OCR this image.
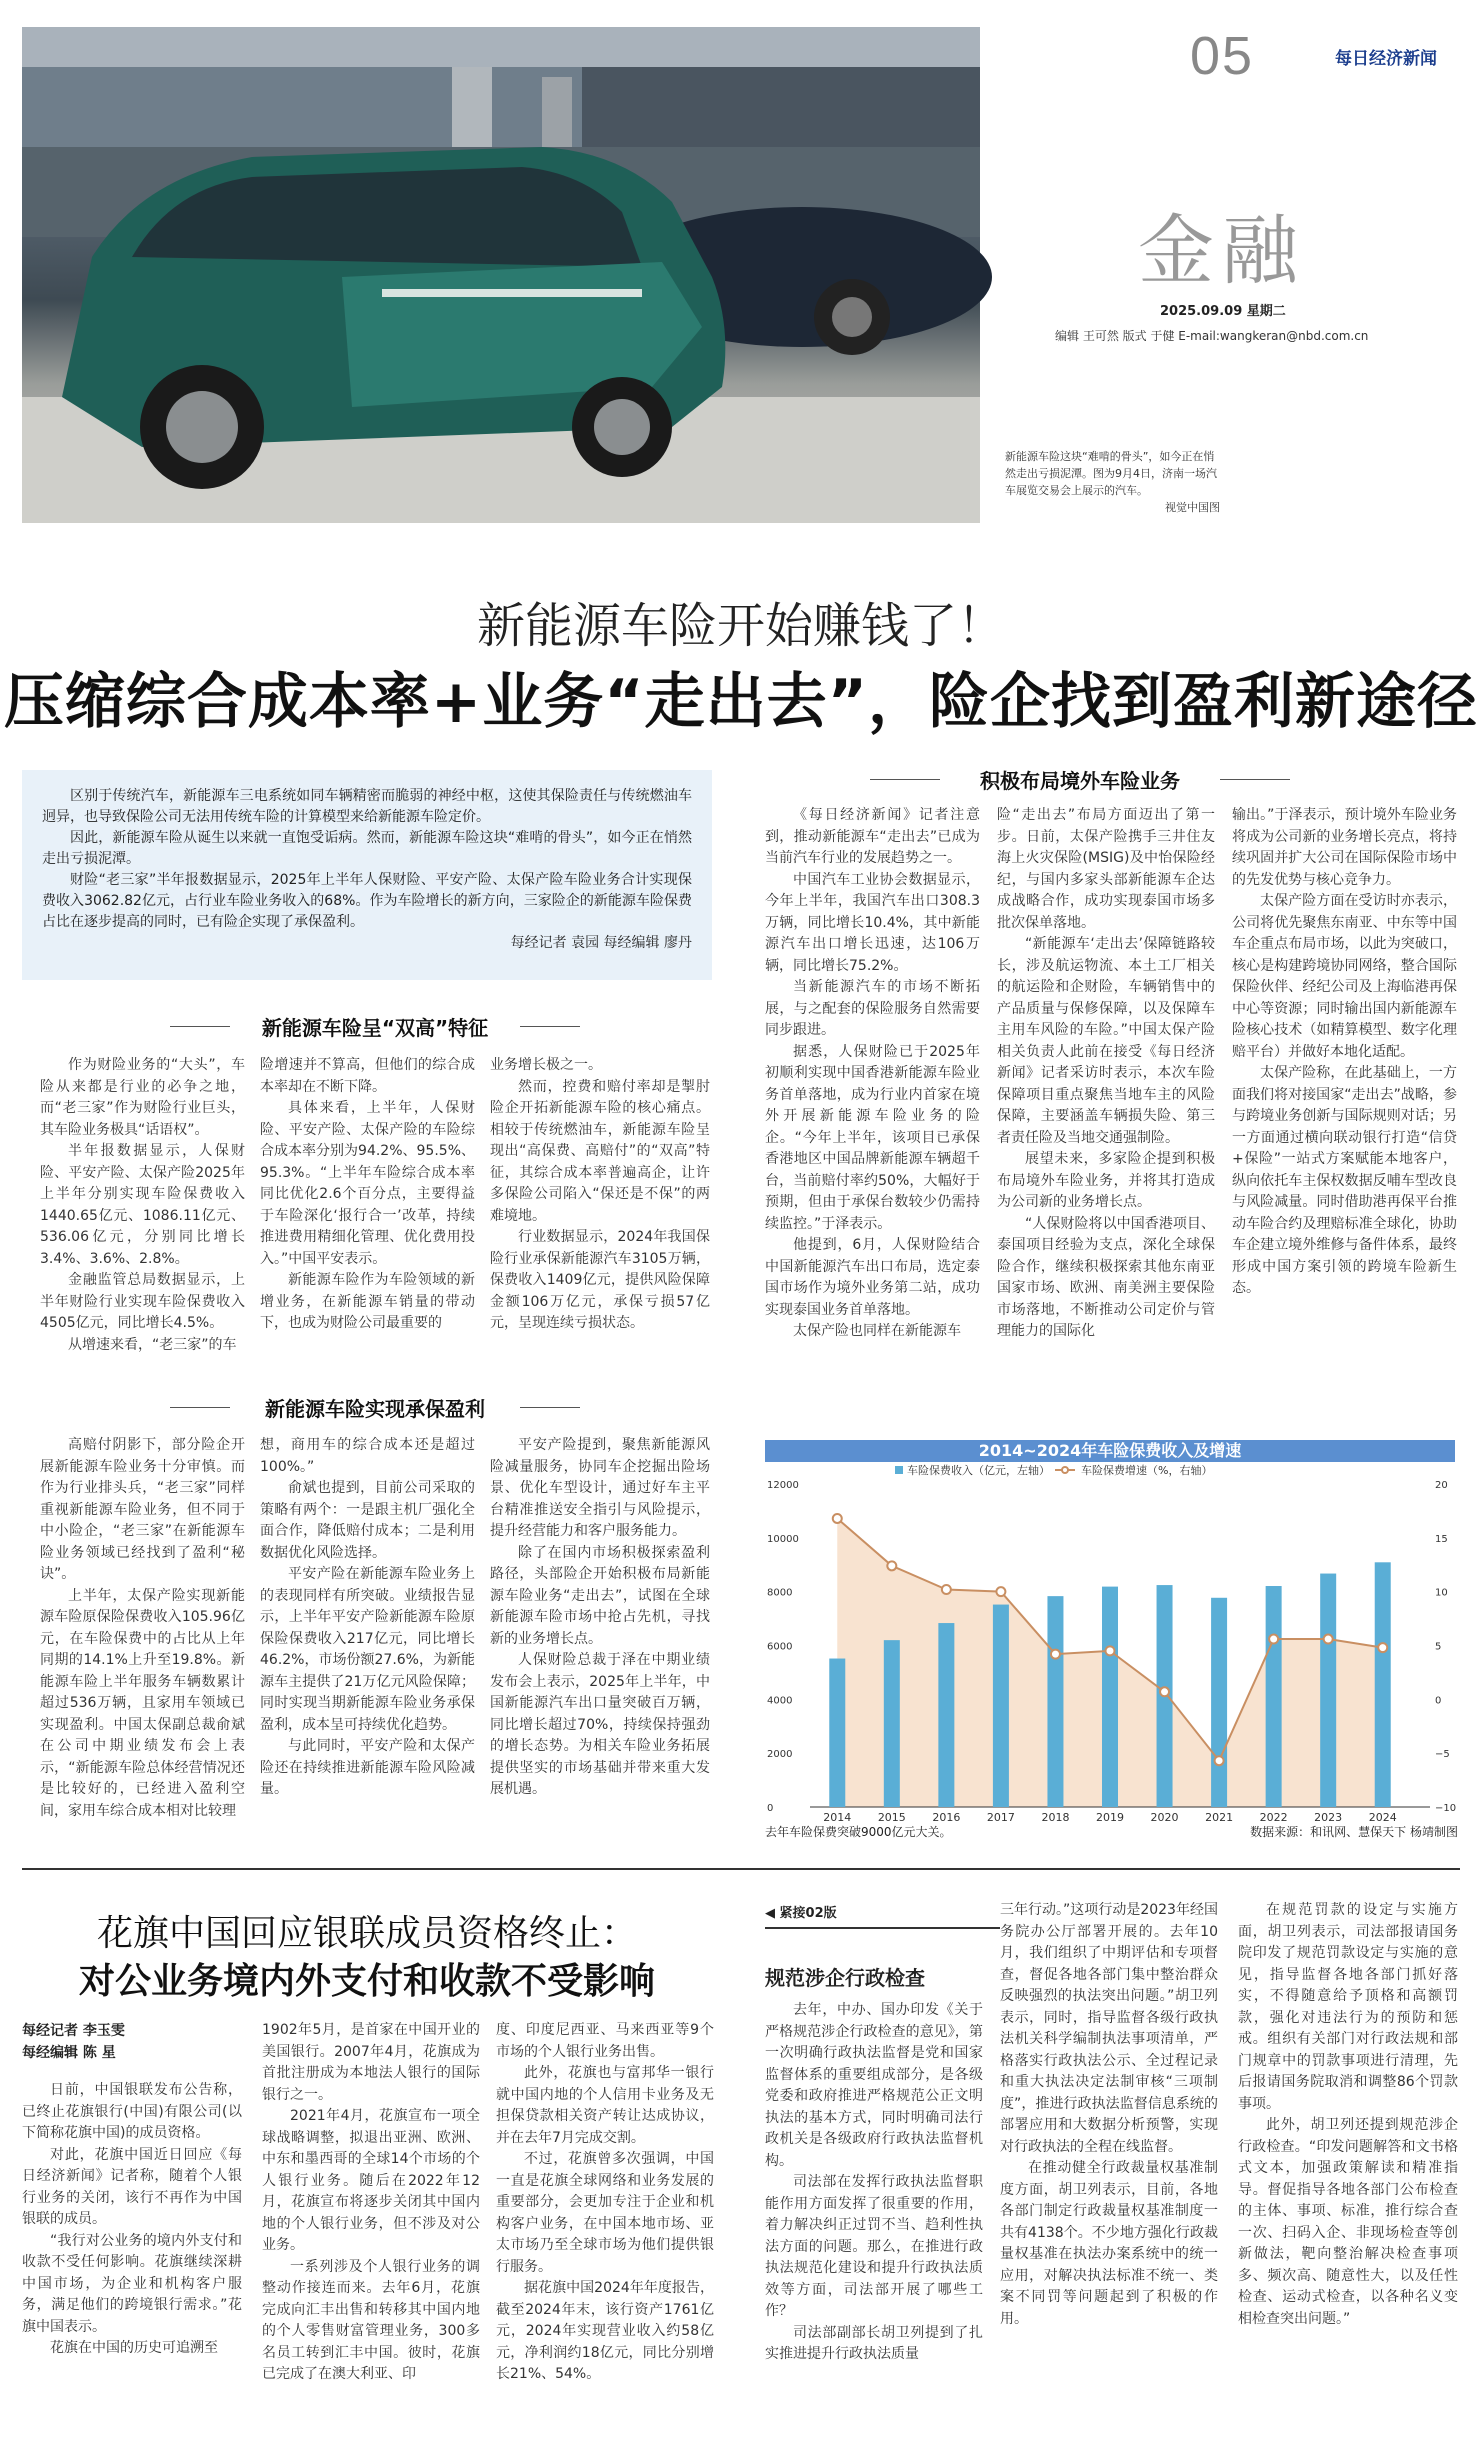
05	每日经济新闻
金融
2025.09.09 星期二
编辑 王可然 版式 于健 E-mail:wangkeran@nbd.com.cn
新能源车险这块“难啃的骨头”，如今正在悄然走出亏损泥潭。图为9月4日，济南一场汽车展览交易会上展示的汽车。
视觉中国图
新能源车险开始赚钱了！
压缩综合成本率+业务“走出去”，险企找到盈利新途径

区别于传统汽车，新能源车三电系统如同车辆精密而脆弱的神经中枢，这使其保险责任与传统燃油车迥异，也导致保险公司无法用传统车险的计算模型来给新能源车险定价。

因此，新能源车险从诞生以来就一直饱受诟病。然而，新能源车险这块“难啃的骨头”，如今正在悄然走出亏损泥潭。

财险“老三家”半年报数据显示，2025年上半年人保财险、平安产险、太保产险车险业务合计实现保费收入3062.82亿元，占行业车险业务收入的68%。作为车险增长的新方向，三家险企的新能源车险保费占比在逐步提高的同时，已有险企实现了承保盈利。

每经记者 袁园 每经编辑 廖丹

新能源车险呈“双高”特征

作为财险业务的“大头”，车险从来都是行业的必争之地，而“老三家”作为财险行业巨头，其车险业务极具“话语权”。

半年报数据显示，人保财险、平安产险、太保产险2025年上半年分别实现车险保费收入1440.65亿元、1086.11亿元、536.06亿元，分别同比增长3.4%、3.6%、2.8%。

金融监管总局数据显示，上半年财险行业实现车险保费收入4505亿元，同比增长4.5%。

从增速来看，“老三家”的车

险增速并不算高，但他们的综合成本率却在不断下降。

具体来看，上半年，人保财险、平安产险、太保产险的车险综合成本率分别为94.2%、95.5%、95.3%。“上半年车险综合成本率同比优化2.6个百分点，主要得益于车险深化‘报行合一’改革，持续推进费用精细化管理、优化费用投入。”中国平安表示。

新能源车险作为车险领域的新增业务，在新能源车销量的带动下，也成为财险公司最重要的

业务增长极之一。

然而，控费和赔付率却是掣肘险企开拓新能源车险的核心痛点。相较于传统燃油车，新能源车险呈现出“高保费、高赔付”的“双高”特征，其综合成本率普遍高企，让许多保险公司陷入“保还是不保”的两难境地。

行业数据显示，2024年我国保险行业承保新能源汽车3105万辆，保费收入1409亿元，提供风险保障金额106万亿元，承保亏损57亿元，呈现连续亏损状态。

新能源车险实现承保盈利

高赔付阴影下，部分险企开展新能源车险业务十分审慎。而作为行业排头兵，“老三家”同样重视新能源车险业务，但不同于中小险企，“老三家”在新能源车险业务领域已经找到了盈利“秘诀”。

上半年，太保产险实现新能源车险原保险保费收入105.96亿元，在车险保费中的占比从上年同期的14.1%上升至19.8%。新能源车险上半年服务车辆数累计超过536万辆，且家用车领域已实现盈利。中国太保副总裁俞斌在公司中期业绩发布会上表示，“新能源车险总体经营情况还是比较好的，已经进入盈利空间，家用车综合成本相对比较理

想，商用车的综合成本还是超过100%。”

俞斌也提到，目前公司采取的策略有两个：一是跟主机厂强化全面合作，降低赔付成本；二是利用数据优化风险选择。

平安产险在新能源车险业务上的表现同样有所突破。业绩报告显示，上半年平安产险新能源车险原保险保费收入217亿元，同比增长46.2%，市场份额27.6%，为新能源车主提供了21万亿元风险保障；同时实现当期新能源车险业务承保盈利，成本呈可持续优化趋势。

与此同时，平安产险和太保产险还在持续推进新能源车险风险减量。

平安产险提到，聚焦新能源风险减量服务，协同车企挖掘出险场景、优化车型设计，通过好车主平台精准推送安全指引与风险提示，提升经营能力和客户服务能力。

除了在国内市场积极探索盈利路径，头部险企开始积极布局新能源车险业务“走出去”，试图在全球新能源车险市场中抢占先机，寻找新的业务增长点。

人保财险总裁于泽在中期业绩发布会上表示，2025年上半年，中国新能源汽车出口量突破百万辆，同比增长超过70%，持续保持强劲的增长态势。为相关车险业务拓展提供坚实的市场基础并带来重大发展机遇。

积极布局境外车险业务

《每日经济新闻》记者注意到，推动新能源车“走出去”已成为当前汽车行业的发展趋势之一。

中国汽车工业协会数据显示，今年上半年，我国汽车出口308.3万辆，同比增长10.4%，其中新能源汽车出口增长迅速，达106万辆，同比增长75.2%。

当新能源汽车的市场不断拓展，与之配套的保险服务自然需要同步跟进。

据悉，人保财险已于2025年初顺利实现中国香港新能源车险业务首单落地，成为行业内首家在境外开展新能源车险业务的险企。“今年上半年，该项目已承保香港地区中国品牌新能源车辆超千台，当前赔付率约50%，大幅好于预期，但由于承保台数较少仍需持续监控。”于泽表示。

他提到，6月，人保财险结合中国新能源汽车出口布局，选定泰国市场作为境外业务第二站，成功实现泰国业务首单落地。

太保产险也同样在新能源车

险“走出去”布局方面迈出了第一步。日前，太保产险携手三井住友海上火灾保险(MSIG)及中怡保险经纪，与国内多家头部新能源车企达成战略合作，成功实现泰国市场多批次保单落地。

“新能源车‘走出去’保障链路较长，涉及航运物流、本土工厂相关的航运险和企财险，车辆销售中的产品质量与保修保障，以及保障车主用车风险的车险。”中国太保产险相关负责人此前在接受《每日经济新闻》记者采访时表示，本次车险保障项目重点聚焦当地车主的风险保障，主要涵盖车辆损失险、第三者责任险及当地交通强制险。

展望未来，多家险企提到积极布局境外车险业务，并将其打造成为公司新的业务增长点。

“人保财险将以中国香港项目、泰国项目经验为支点，深化全球保险合作，继续积极探索其他东南亚国家市场、欧洲、南美洲主要保险市场落地，不断推动公司定价与管理能力的国际化

输出。”于泽表示，预计境外车险业务将成为公司新的业务增长亮点，将持续巩固并扩大公司在国际保险市场中的先发优势与核心竞争力。

太保产险方面在受访时亦表示，公司将优先聚焦东南亚、中东等中国车企重点布局市场，以此为突破口，核心是构建跨境协同网络，整合国际保险伙伴、经纪公司及上海临港再保中心等资源；同时输出国内新能源车险核心技术（如精算模型、数字化理赔平台）并做好本地化适配。

太保产险称，在此基础上，一方面我们将对接国家“走出去”战略，参与跨境业务创新与国际规则对话；另一方面通过横向联动银行打造“信贷+保险”一站式方案赋能本地客户，纵向依托车主保权数据反哺车型改良与风险减量。同时借助港再保平台推动车险合约及理赔标准全球化，协助车企建立境外维修与备件体系，最终形成中国方案引领的跨境车险新生态。

2014~2024年车险保费收入及增速
0
2000
4000
6000
8000
10000
12000
−10
−5
0
5
10
15
20
2014 2015 2016 2017 2018 2019 2020 2021 2022 2023 2024
车险保费收入（亿元，左轴）	车险保费增速（%，右轴）
去年车险保费突破9000亿元大关。	数据来源：和讯网、慧保天下 杨靖制图
花旗中国回应银联成员资格终止：
对公业务境内外支付和收款不受影响
每经记者 李玉雯
每经编辑 陈 星

日前，中国银联发布公告称，已终止花旗银行(中国)有限公司(以下简称花旗中国)的成员资格。

对此，花旗中国近日回应《每日经济新闻》记者称，随着个人银行业务的关闭，该行不再作为中国银联的成员。

“我行对公业务的境内外支付和收款不受任何影响。花旗继续深耕中国市场，为企业和机构客户服务，满足他们的跨境银行需求。”花旗中国表示。

花旗在中国的历史可追溯至

1902年5月，是首家在中国开业的美国银行。2007年4月，花旗成为首批注册成为本地法人银行的国际银行之一。

2021年4月，花旗宣布一项全球战略调整，拟退出亚洲、欧洲、中东和墨西哥的全球14个市场的个人银行业务。随后在2022年12月，花旗宣布将逐步关闭其中国内地的个人银行业务，但不涉及对公业务。

一系列涉及个人银行业务的调整动作接连而来。去年6月，花旗完成向汇丰出售和转移其中国内地的个人零售财富管理业务，300多名员工转到汇丰中国。彼时，花旗已完成了在澳大利亚、印

度、印度尼西亚、马来西亚等9个市场的个人银行业务出售。

此外，花旗也与富邦华一银行就中国内地的个人信用卡业务及无担保贷款相关资产转让达成协议，并在去年7月完成交割。

不过，花旗曾多次强调，中国一直是花旗全球网络和业务发展的重要部分，会更加专注于企业和机构客户业务，在中国本地市场、亚太市场乃至全球市场为他们提供银行服务。

据花旗中国2024年年度报告，截至2024年末，该行资产1761亿元，2024年实现营业收入约58亿元，净利润约18亿元，同比分别增长21%、54%。

◀ 紧接02版
规范涉企行政检查

去年，中办、国办印发《关于严格规范涉企行政检查的意见》，第一次明确行政执法监督是党和国家监督体系的重要组成部分，是各级党委和政府推进严格规范公正文明执法的基本方式，同时明确司法行政机关是各级政府行政执法监督机构。

司法部在发挥行政执法监督职能作用方面发挥了很重要的作用，着力解决纠正过罚不当、趋利性执法方面的问题。那么，在推进行政执法规范化建设和提升行政执法质效等方面，司法部开展了哪些工作？

司法部副部长胡卫列提到了扎实推进提升行政执法质量

三年行动。”这项行动是2023年经国务院办公厅部署开展的。去年10月，我们组织了中期评估和专项督查，督促各地各部门集中整治群众反映强烈的执法突出问题。”胡卫列表示，同时，指导监督各级行政执法机关科学编制执法事项清单，严格落实行政执法公示、全过程记录和重大执法决定法制审核“三项制度”，推进行政执法监督信息系统的部署应用和大数据分析预警，实现对行政执法的全程在线监督。

在推动健全行政裁量权基准制度方面，胡卫列表示，目前，各地各部门制定行政裁量权基准制度一共有4138个。不少地方强化行政裁量权基准在执法办案系统中的统一应用，对解决执法标准不统一、类案不同罚等问题起到了积极的作用。

在规范罚款的设定与实施方面，胡卫列表示，司法部报请国务院印发了规范罚款设定与实施的意见，指导监督各地各部门抓好落实，不得随意给予顶格和高额罚款，强化对违法行为的预防和惩戒。组织有关部门对行政法规和部门规章中的罚款事项进行清理，先后报请国务院取消和调整86个罚款事项。

此外，胡卫列还提到规范涉企行政检查。“印发问题解答和文书格式文本，加强政策解读和精准指导。督促指导各地各部门公布检查的主体、事项、标准，推行综合查一次、扫码入企、非现场检查等创新做法，靶向整治解决检查事项多、频次高、随意性大，以及任性检查、运动式检查，以各种名义变相检查突出问题。”
